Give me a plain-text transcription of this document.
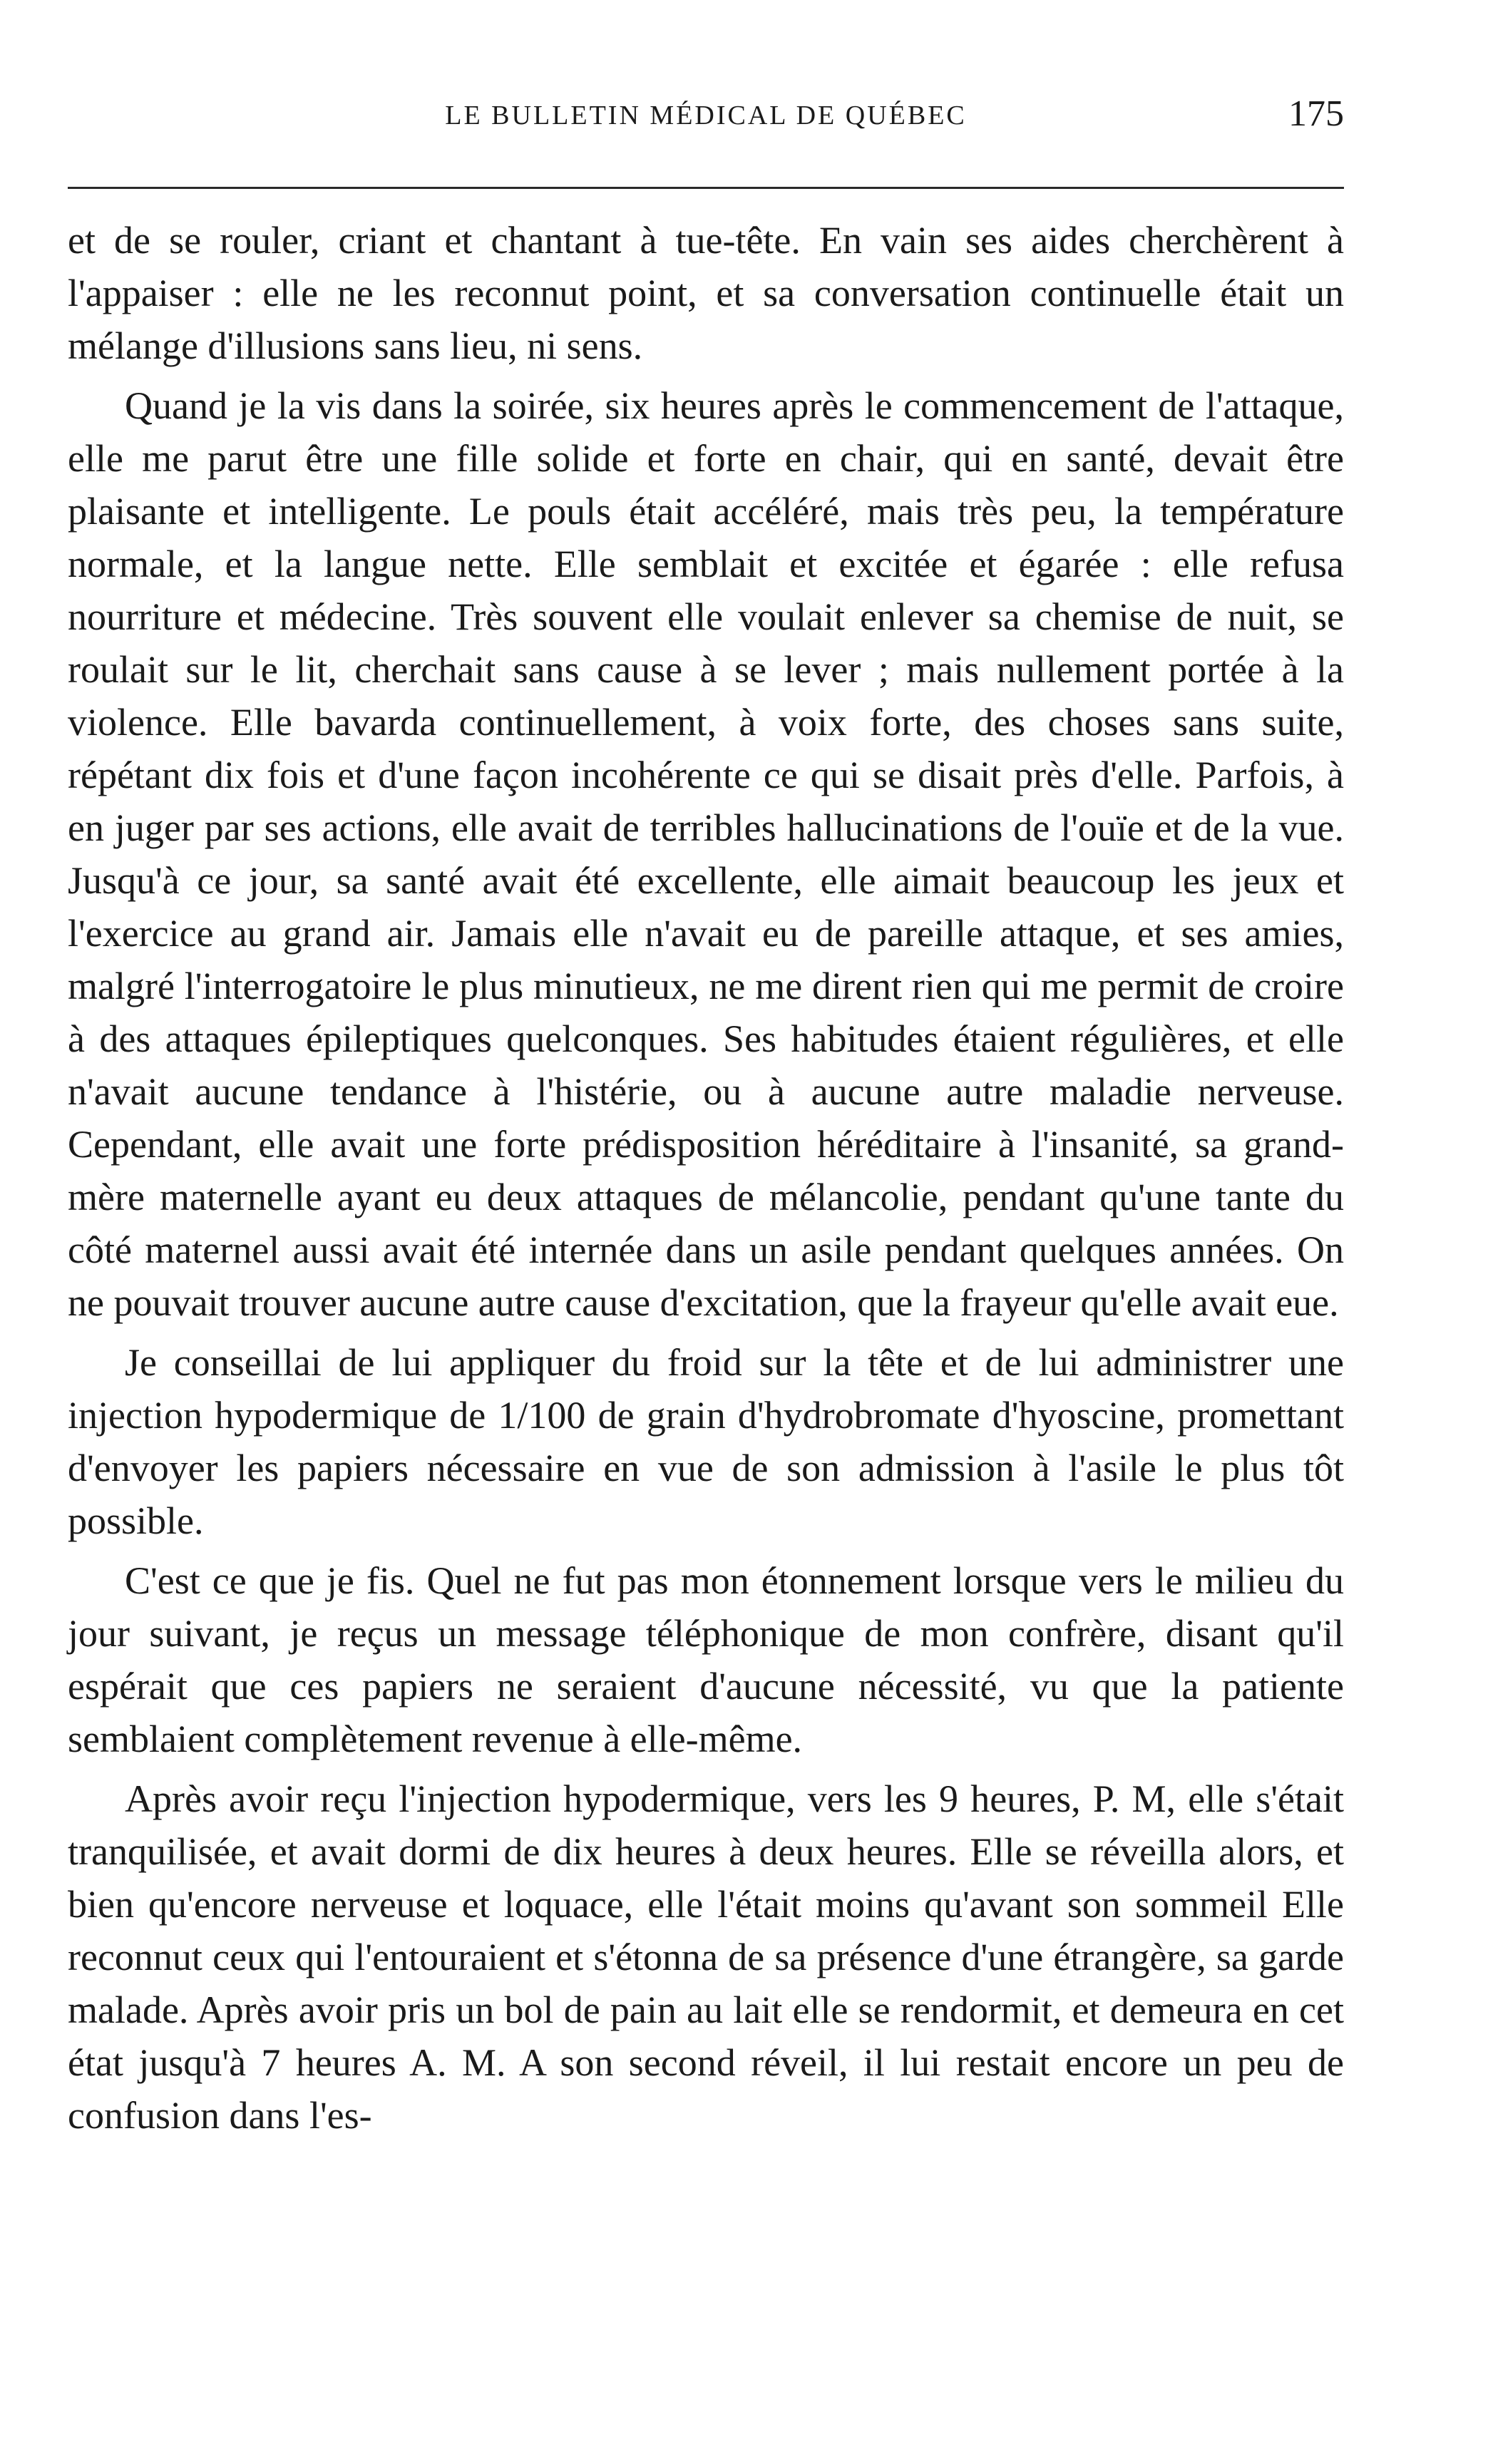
LE BULLETIN MÉDICAL DE QUÉBEC	175

et de se rouler, criant et chantant à tue-tête. En vain ses aides cherchèrent à l'appaiser : elle ne les reconnut point, et sa conversation continuelle était un mélange d'illusions sans lieu, ni sens.

Quand je la vis dans la soirée, six heures après le commencement de l'attaque, elle me parut être une fille solide et forte en chair, qui en santé, devait être plaisante et intelligente. Le pouls était accéléré, mais très peu, la température normale, et la langue nette. Elle semblait et excitée et égarée : elle refusa nourriture et médecine. Très souvent elle voulait enlever sa chemise de nuit, se roulait sur le lit, cherchait sans cause à se lever ; mais nullement portée à la violence. Elle bavarda continuellement, à voix forte, des choses sans suite, répétant dix fois et d'une façon incohérente ce qui se disait près d'elle. Parfois, à en juger par ses actions, elle avait de terribles hallucinations de l'ouïe et de la vue. Jusqu'à ce jour, sa santé avait été excellente, elle aimait beaucoup les jeux et l'exercice au grand air. Jamais elle n'avait eu de pareille attaque, et ses amies, malgré l'interrogatoire le plus minutieux, ne me dirent rien qui me permit de croire à des attaques épileptiques quelconques. Ses habitudes étaient régulières, et elle n'avait aucune tendance à l'histérie, ou à aucune autre maladie nerveuse. Cependant, elle avait une forte prédisposition héréditaire à l'insanité, sa grand-mère maternelle ayant eu deux attaques de mélancolie, pendant qu'une tante du côté maternel aussi avait été internée dans un asile pendant quelques années. On ne pouvait trouver aucune autre cause d'excitation, que la frayeur qu'elle avait eue.

Je conseillai de lui appliquer du froid sur la tête et de lui administrer une injection hypodermique de 1/100 de grain d'hydrobromate d'hyoscine, promettant d'envoyer les papiers nécessaire en vue de son admission à l'asile le plus tôt possible.

C'est ce que je fis. Quel ne fut pas mon étonnement lorsque vers le milieu du jour suivant, je reçus un message téléphonique de mon confrère, disant qu'il espérait que ces papiers ne seraient d'aucune nécessité, vu que la patiente semblaient complètement revenue à elle-même.

Après avoir reçu l'injection hypodermique, vers les 9 heures, P. M, elle s'était tranquilisée, et avait dormi de dix heures à deux heures. Elle se réveilla alors, et bien qu'encore nerveuse et loquace, elle l'était moins qu'avant son sommeil Elle reconnut ceux qui l'entouraient et s'étonna de sa présence d'une étrangère, sa garde malade. Après avoir pris un bol de pain au lait elle se rendormit, et demeura en cet état jusqu'à 7 heures A. M. A son second réveil, il lui restait encore un peu de confusion dans l'es-
